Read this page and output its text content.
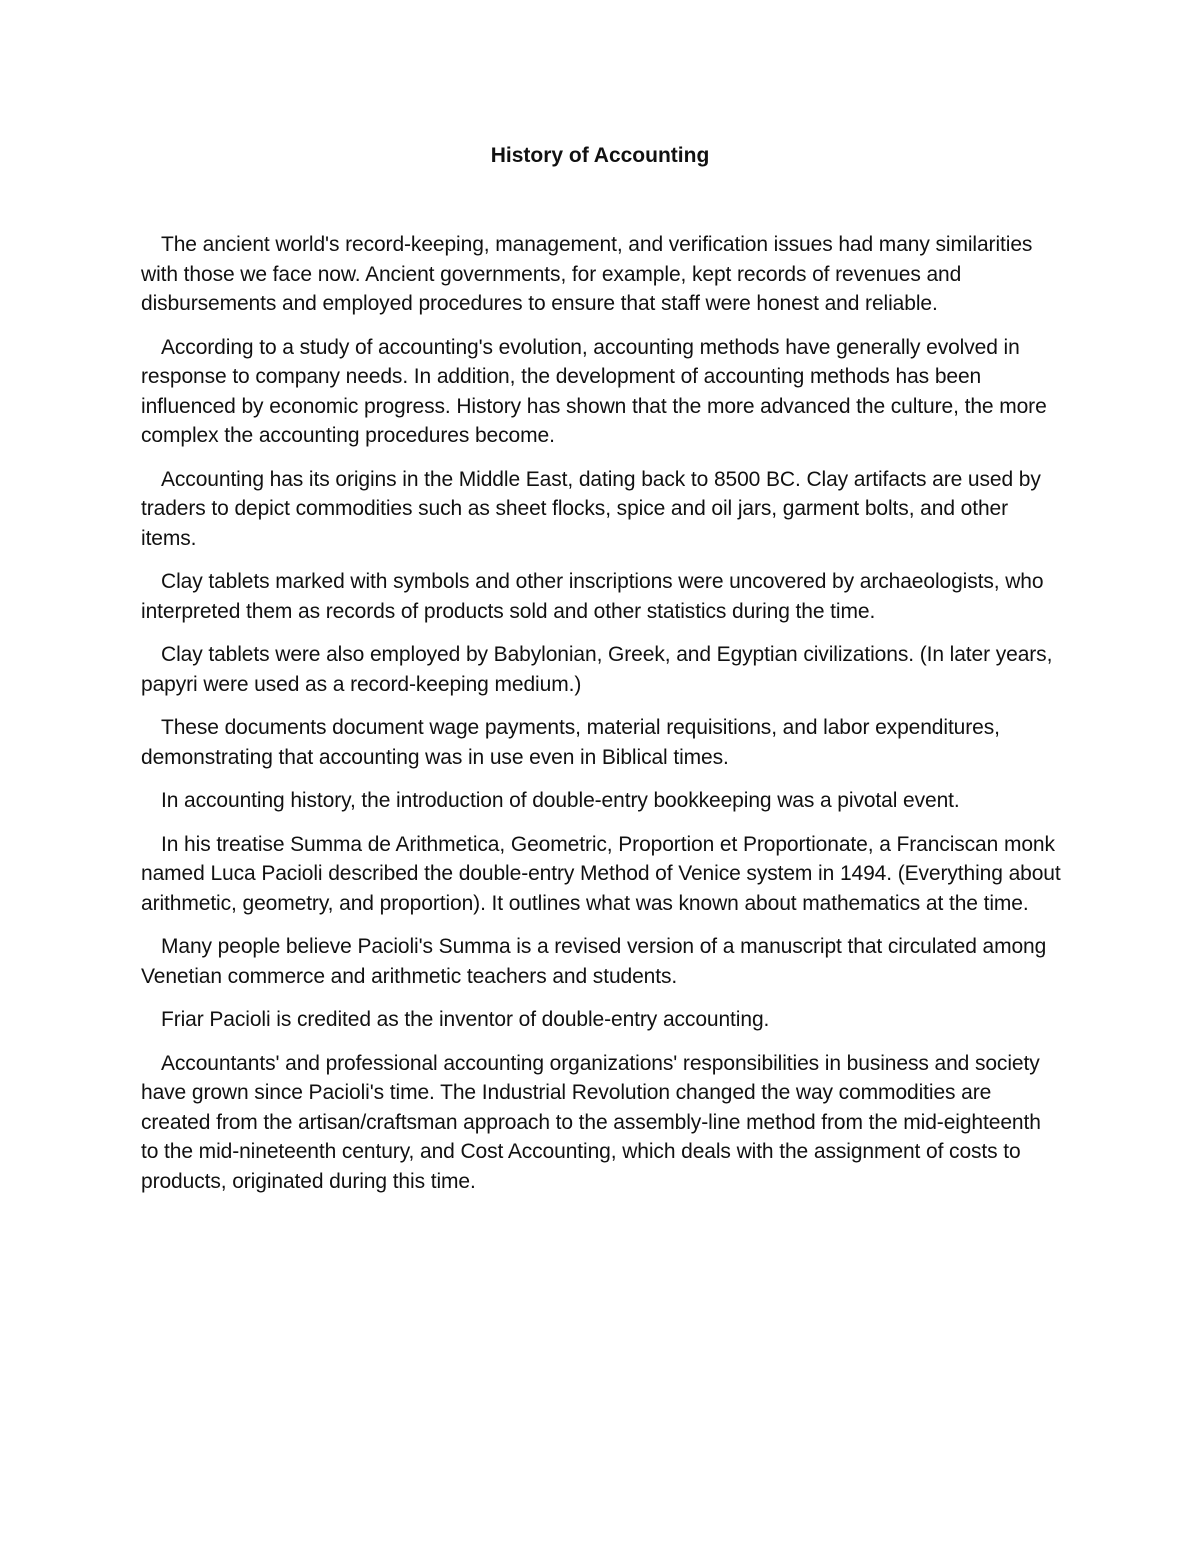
History of Accounting

The ancient world's record-keeping, management, and verification issues had many similarities with those we face now. Ancient governments, for example, kept records of revenues and disbursements and employed procedures to ensure that staff were honest and reliable.

According to a study of accounting's evolution, accounting methods have generally evolved in response to company needs. In addition, the development of accounting methods has been influenced by economic progress. History has shown that the more advanced the culture, the more complex the accounting procedures become.

Accounting has its origins in the Middle East, dating back to 8500 BC. Clay artifacts are used by traders to depict commodities such as sheet flocks, spice and oil jars, garment bolts, and other items.

Clay tablets marked with symbols and other inscriptions were uncovered by archaeologists, who interpreted them as records of products sold and other statistics during the time.

Clay tablets were also employed by Babylonian, Greek, and Egyptian civilizations. (In later years, papyri were used as a record-keeping medium.)

These documents document wage payments, material requisitions, and labor expenditures, demonstrating that accounting was in use even in Biblical times.

In accounting history, the introduction of double-entry bookkeeping was a pivotal event.

In his treatise Summa de Arithmetica, Geometric, Proportion et Proportionate, a Franciscan monk named Luca Pacioli described the double-entry Method of Venice system in 1494. (Everything about arithmetic, geometry, and proportion). It outlines what was known about mathematics at the time.

Many people believe Pacioli's Summa is a revised version of a manuscript that circulated among Venetian commerce and arithmetic teachers and students.

Friar Pacioli is credited as the inventor of double-entry accounting.

Accountants' and professional accounting organizations' responsibilities in business and society have grown since Pacioli's time. The Industrial Revolution changed the way commodities are created from the artisan/craftsman approach to the assembly-line method from the mid-eighteenth to the mid-nineteenth century, and Cost Accounting, which deals with the assignment of costs to products, originated during this time.
